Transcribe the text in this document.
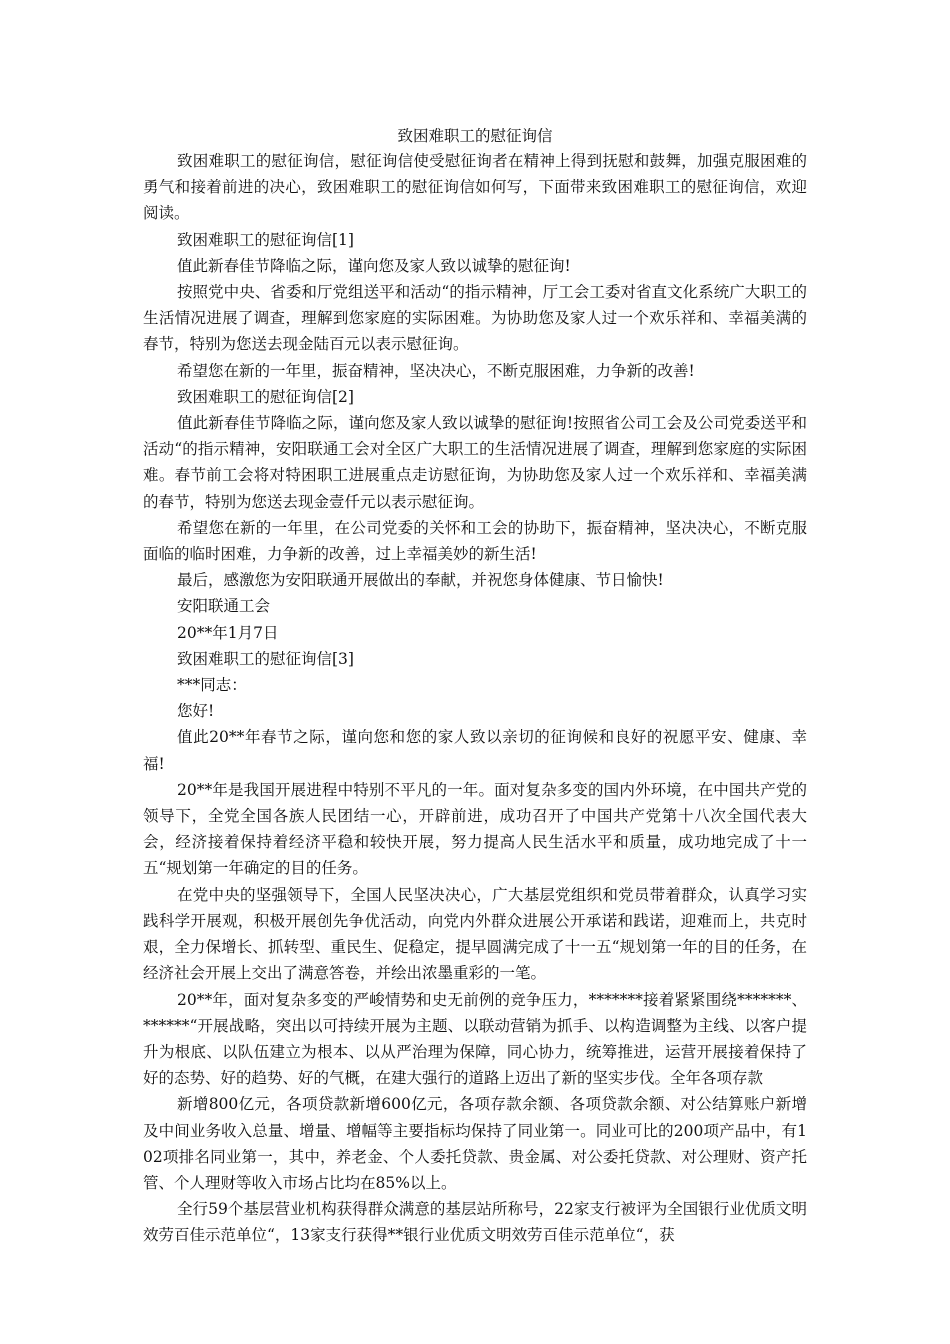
致困难职工的慰征询信

致困难职工的慰征询信，慰征询信使受慰征询者在精神上得到抚慰和鼓舞，加强克服困难的勇气和接着前进的决心，致困难职工的慰征询信如何写，下面带来致困难职工的慰征询信，欢迎阅读。

致困难职工的慰征询信[1]

值此新春佳节降临之际，谨向您及家人致以诚挚的慰征询!

按照党中央、省委和厅党组送平和活动“的指示精神，厅工会工委对省直文化系统广大职工的生活情况进展了调查，理解到您家庭的实际困难。为协助您及家人过一个欢乐祥和、幸福美满的春节，特别为您送去现金陆百元以表示慰征询。

希望您在新的一年里，振奋精神，坚决决心，不断克服困难，力争新的改善!

致困难职工的慰征询信[2]

值此新春佳节降临之际，谨向您及家人致以诚挚的慰征询!按照省公司工会及公司党委送平和活动“的指示精神，安阳联通工会对全区广大职工的生活情况进展了调查，理解到您家庭的实际困难。春节前工会将对特困职工进展重点走访慰征询，为协助您及家人过一个欢乐祥和、幸福美满的春节，特别为您送去现金壹仟元以表示慰征询。

希望您在新的一年里，在公司党委的关怀和工会的协助下，振奋精神，坚决决心，不断克服面临的临时困难，力争新的改善，过上幸福美妙的新生活!

最后，感激您为安阳联通开展做出的奉献，并祝您身体健康、节日愉快!

安阳联通工会

20**年1月7日

致困难职工的慰征询信[3]

***同志：

您好!

值此20**年春节之际，谨向您和您的家人致以亲切的征询候和良好的祝愿平安、健康、幸福!

20**年是我国开展进程中特别不平凡的一年。面对复杂多变的国内外环境，在中国共产党的领导下，全党全国各族人民团结一心，开辟前进，成功召开了中国共产党第十八次全国代表大会，经济接着保持着经济平稳和较快开展，努力提高人民生活水平和质量，成功地完成了十一五“规划第一年确定的目的任务。

在党中央的坚强领导下，全国人民坚决决心，广大基层党组织和党员带着群众，认真学习实践科学开展观，积极开展创先争优活动，向党内外群众进展公开承诺和践诺，迎难而上，共克时艰，全力保增长、抓转型、重民生、促稳定，提早圆满完成了十一五“规划第一年的目的任务，在经济社会开展上交出了满意答卷，并绘出浓墨重彩的一笔。

20**年，面对复杂多变的严峻情势和史无前例的竞争压力，*******接着紧紧围绕*******、******“开展战略，突出以可持续开展为主题、以联动营销为抓手、以构造调整为主线、以客户提升为根底、以队伍建立为根本、以从严治理为保障，同心协力，统筹推进，运营开展接着保持了好的态势、好的趋势、好的气概，在建大强行的道路上迈出了新的坚实步伐。全年各项存款

新增800亿元，各项贷款新增600亿元，各项存款余额、各项贷款余额、对公结算账户新增及中间业务收入总量、增量、增幅等主要指标均保持了同业第一。同业可比的200项产品中，有102项排名同业第一，其中，养老金、个人委托贷款、贵金属、对公委托贷款、对公理财、资产托管、个人理财等收入市场占比均在85%以上。

全行59个基层营业机构获得群众满意的基层站所称号，22家支行被评为全国银行业优质文明效劳百佳示范单位“，13家支行获得**银行业优质文明效劳百佳示范单位“，获
